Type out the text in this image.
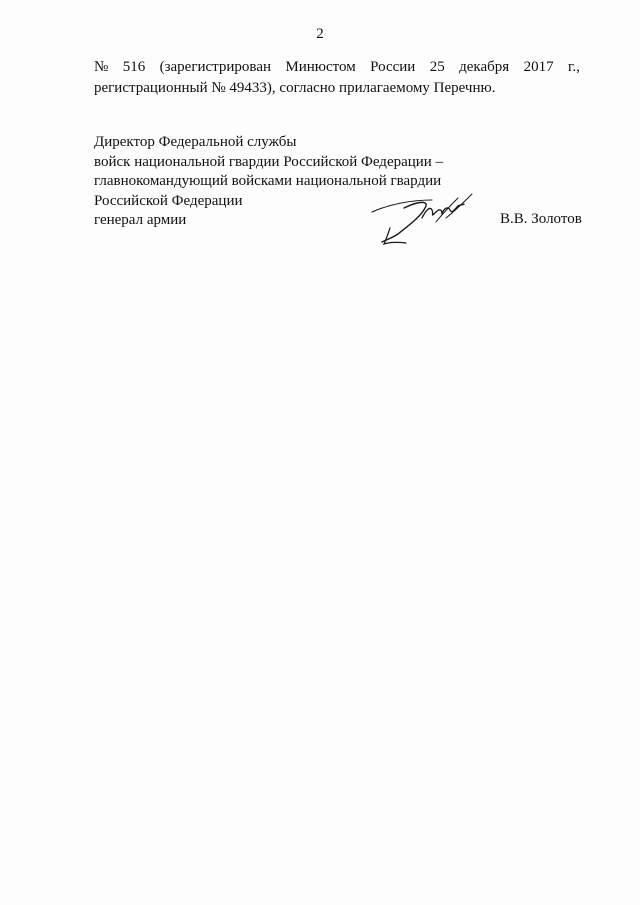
2
№ 516 (зарегистрирован Минюстом России 25 декабря 2017 г.,
регистрационный № 49433), согласно прилагаемому Перечню.
Директор Федеральной службы
войск национальной гвардии Российской Федерации –
главнокомандующий войсками национальной гвардии
Российской Федерации
генерал армии	В.В. Золотов
